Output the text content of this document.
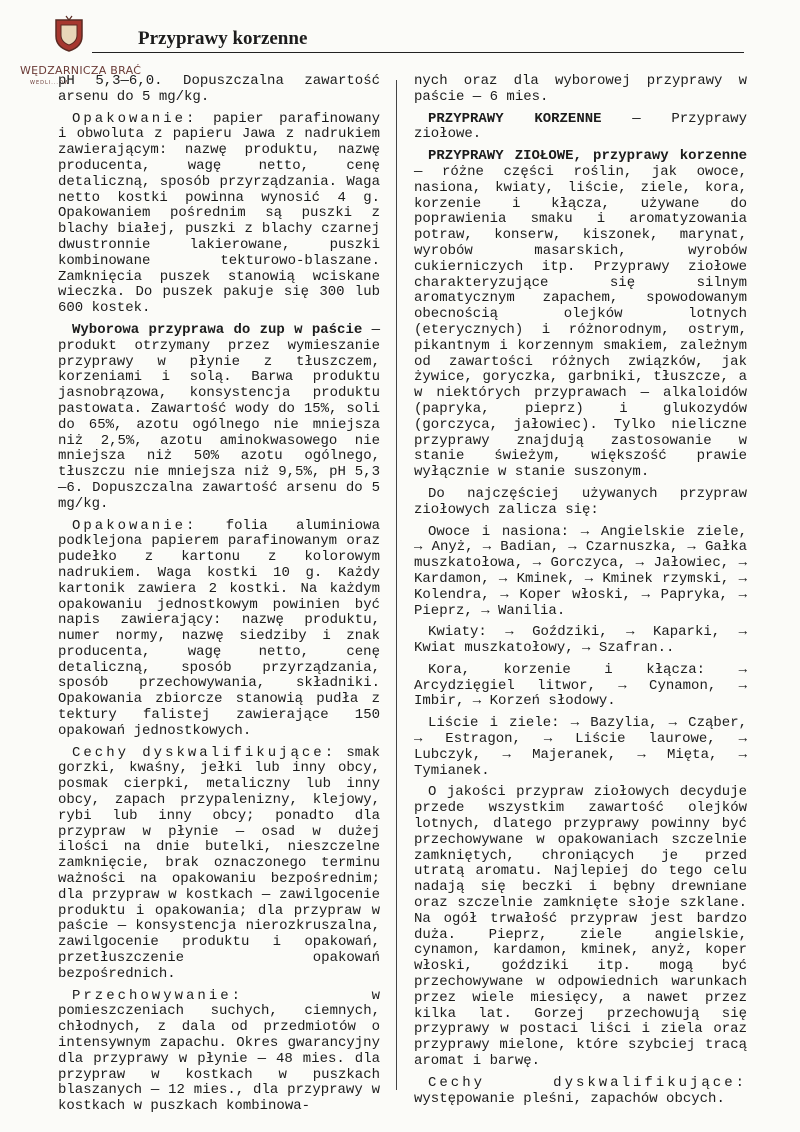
WĘDZARNICZA BRAĆ
WEDLI...OW
Przyprawy korzenne

pH 5,3—6,0. Dopuszczalna zawartość arsenu do 5 mg/kg.

Opakowanie: papier parafinowany i obwoluta z papieru Jawa z nadrukiem zawierającym: nazwę produktu, nazwę producenta, wagę netto, cenę detaliczną, sposób przyrządzania. Waga netto kostki powinna wynosić 4 g. Opakowaniem pośrednim są puszki z blachy białej, puszki z blachy czarnej dwustronnie lakierowane, puszki kombinowane tekturowo-blaszane. Zamknięcia puszek stanowią wciskane wieczka. Do puszek pakuje się 300 lub 600 kostek.

Wyborowa przyprawa do zup w paście — produkt otrzymany przez wymieszanie przyprawy w płynie z tłuszczem, korzeniami i solą. Barwa produktu jasnobrązowa, konsystencja produktu pastowata. Zawartość wody do 15%, soli do 65%, azotu ogólnego nie mniejsza niż 2,5%, azotu aminokwasowego nie mniejsza niż 50% azotu ogólnego, tłuszczu nie mniejsza niż 9,5%, pH 5,3—6. Dopuszczalna zawartość arsenu do 5 mg/kg.

Opakowanie: folia aluminiowa podklejona papierem parafinowanym oraz pudełko z kartonu z kolorowym nadrukiem. Waga kostki 10 g. Każdy kartonik zawiera 2 kostki. Na każdym opakowaniu jednostkowym powinien być napis zawierający: nazwę produktu, numer normy, nazwę siedziby i znak producenta, wagę netto, cenę detaliczną, sposób przyrządzania, sposób przechowywania, składniki. Opakowania zbiorcze stanowią pudła z tektury falistej zawierające 150 opakowań jednostkowych.

Cechy dyskwalifikujące: smak gorzki, kwaśny, jełki lub inny obcy, posmak cierpki, metaliczny lub inny obcy, zapach przypalenizny, klejowy, rybi lub inny obcy; ponadto dla przypraw w płynie — osad w dużej ilości na dnie butelki, nieszczelne zamknięcie, brak oznaczonego terminu ważności na opakowaniu bezpośrednim; dla przypraw w kostkach — zawilgocenie produktu i opakowania; dla przypraw w paście — konsystencja nierozkruszalna, zawilgocenie produktu i opakowań, przetłuszczenie opakowań bezpośrednich.

Przechowywanie: w pomieszczeniach suchych, ciemnych, chłodnych, z dala od przedmiotów o intensywnym zapachu. Okres gwarancyjny dla przyprawy w płynie — 48 mies. dla przypraw w kostkach w puszkach blaszanych — 12 mies., dla przyprawy w kostkach w puszkach kombinowa-

nych oraz dla wyborowej przyprawy w paście — 6 mies.

PRZYPRAWY KORZENNE — Przyprawy ziołowe.

PRZYPRAWY ZIOŁOWE, przyprawy korzenne — różne części roślin, jak owoce, nasiona, kwiaty, liście, ziele, kora, korzenie i kłącza, używane do poprawienia smaku i aromatyzowania potraw, konserw, kiszonek, marynat, wyrobów masarskich, wyrobów cukierniczych itp. Przyprawy ziołowe charakteryzujące się silnym aromatycznym zapachem, spowodowanym obecnością olejków lotnych (eterycznych) i różnorodnym, ostrym, pikantnym i korzennym smakiem, zależnym od zawartości różnych związków, jak żywice, goryczka, garbniki, tłuszcze, a w niektórych przyprawach — alkaloidów (papryka, pieprz) i glukozydów (gorczyca, jałowiec). Tylko nieliczne przyprawy znajdują zastosowanie w stanie świeżym, większość prawie wyłącznie w stanie suszonym.

Do najczęściej używanych przypraw ziołowych zalicza się:

Owoce i nasiona: → Angielskie ziele, → Anyż, → Badian, → Czarnuszka, → Gałka muszkatołowa, → Gorczyca, → Jałowiec, → Kardamon, → Kminek, → Kminek rzymski, → Kolendra, → Koper włoski, → Papryka, → Pieprz, → Wanilia.

Kwiaty: → Goździki, → Kaparki, → Kwiat muszkatołowy, → Szafran..

Kora, korzenie i kłącza: → Arcydzięgiel litwor, → Cynamon, → Imbir, → Korzeń słodowy.

Liście i ziele: → Bazylia, → Cząber, → Estragon, → Liście laurowe, → Lubczyk, → Majeranek, → Mięta, → Tymianek.

O jakości przypraw ziołowych decyduje przede wszystkim zawartość olejków lotnych, dlatego przyprawy powinny być przechowywane w opakowaniach szczelnie zamkniętych, chroniących je przed utratą aromatu. Najlepiej do tego celu nadają się beczki i bębny drewniane oraz szczelnie zamknięte słoje szklane. Na ogół trwałość przypraw jest bardzo duża. Pieprz, ziele angielskie, cynamon, kardamon, kminek, anyż, koper włoski, goździki itp. mogą być przechowywane w odpowiednich warunkach przez wiele miesięcy, a nawet przez kilka lat. Gorzej przechowują się przyprawy w postaci liści i ziela oraz przyprawy mielone, które szybciej tracą aromat i barwę.

Cechy dyskwalifikujące: występowanie pleśni, zapachów obcych.
